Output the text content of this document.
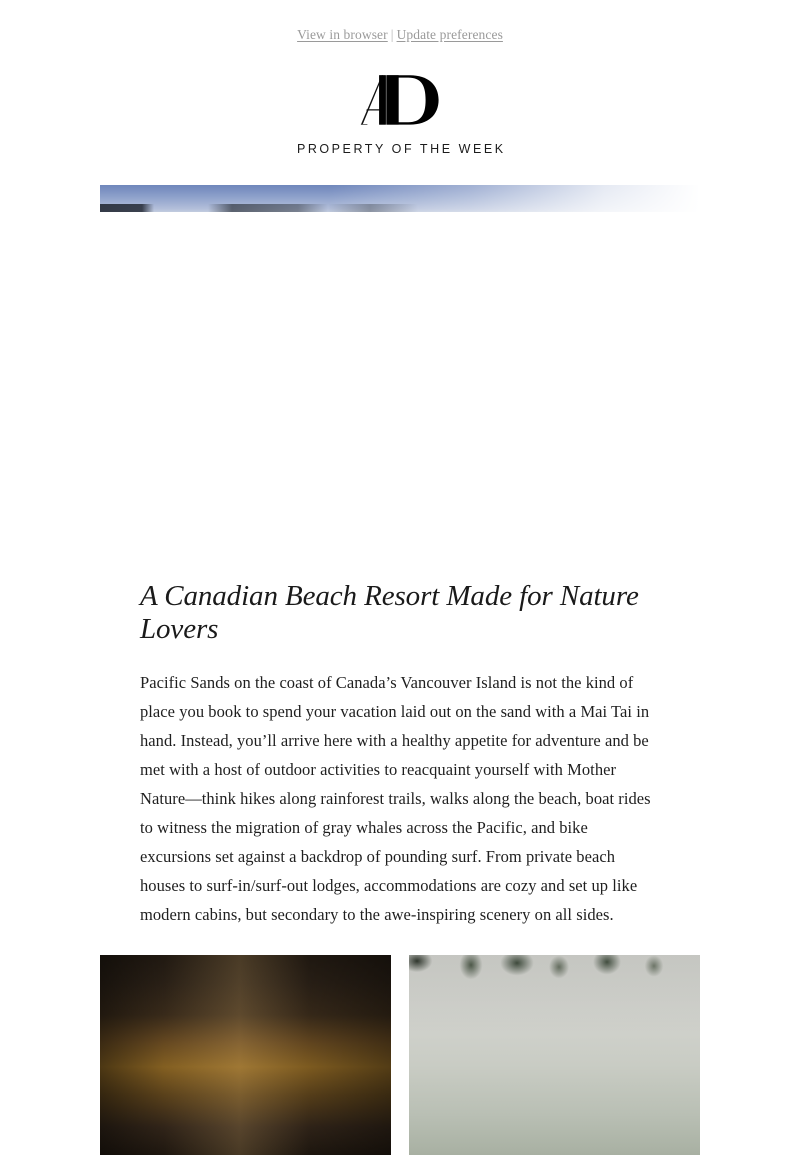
View in browser | Update preferences
PROPERTY OF THE WEEK
A Canadian Beach Resort Made for Nature Lovers

Pacific Sands on the coast of Canada’s Vancouver Island is not the kind of place you book to spend your vacation laid out on the sand with a Mai Tai in hand. Instead, you’ll arrive here with a healthy appetite for adventure and be met with a host of outdoor activities to reacquaint yourself with Mother Nature—think hikes along rainforest trails, walks along the beach, boat rides to witness the migration of gray whales across the Pacific, and bike excursions set against a backdrop of pounding surf. From private beach houses to surf-in/surf-out lodges, accommodations are cozy and set up like modern cabins, but secondary to the awe-inspiring scenery on all sides.
